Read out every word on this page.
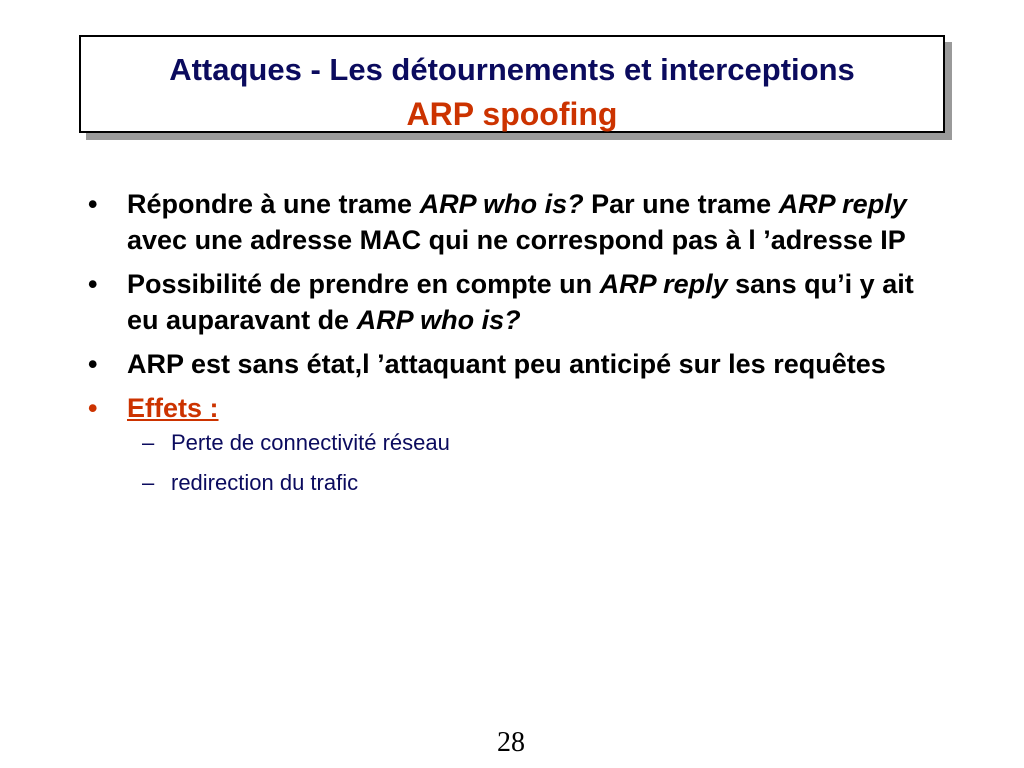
Attaques - Les détournements et interceptions
ARP spoofing
• Répondre à une trame ARP who is? Par une trame ARP reply avec une adresse MAC qui ne correspond pas à l ’adresse IP
• Possibilité de prendre en compte un ARP reply sans qu’i y ait eu auparavant de ARP who is?
• ARP est sans état,l ’attaquant peu anticipé sur les requêtes
• Effets :
– Perte de connectivité réseau
– redirection du trafic
28
